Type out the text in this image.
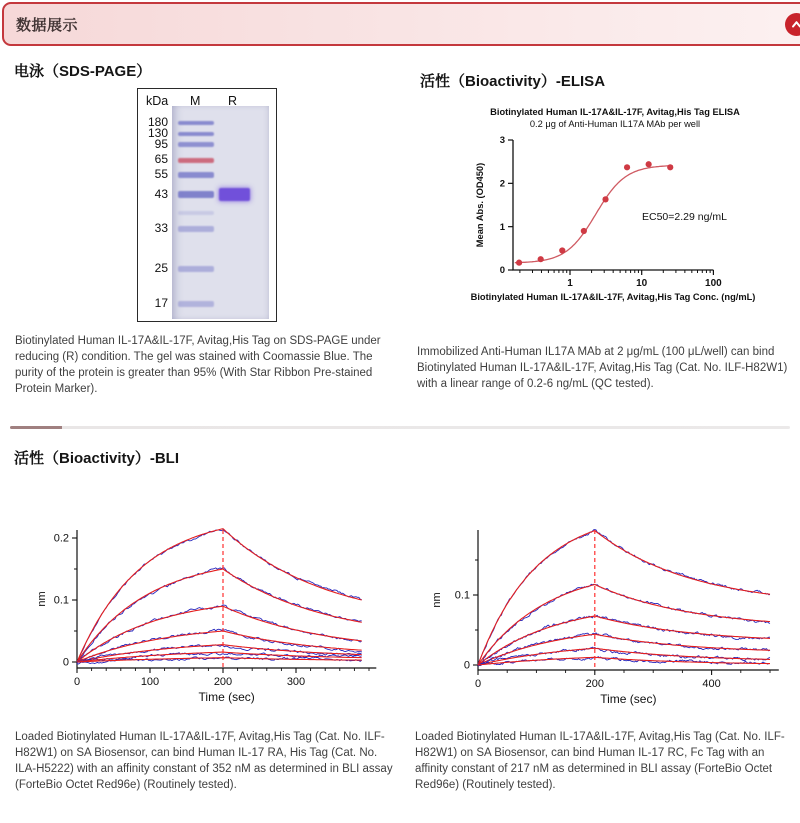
数据展示
电泳（SDS-PAGE）
kDa M R
180
130
95
65
55
43
33
25
17

Biotinylated Human IL-17A&IL-17F, Avitag,His Tag on SDS-PAGE under reducing (R) condition. The gel was stained with Coomassie Blue. The purity of the protein is greater than 95% (With Star Ribbon Pre-stained Protein Marker).

活性（Bioactivity）-ELISA
Biotinylated Human IL-17A&IL-17F, Avitag,His Tag ELISA
0.2 μg of Anti-Human IL17A MAb per well
0
1
2
3
1	10	100
Biotinylated Human IL-17A&IL-17F, Avitag,His Tag Conc. (ng/mL)
Mean Abs. (OD450)	EC50=2.29 ng/mL

Immobilized Anti-Human IL17A MAb at 2 μg/mL (100 μL/well) can bind Biotinylated Human IL-17A&IL-17F, Avitag,His Tag (Cat. No. ILF-H82W1) with a linear range of 0.2-6 ng/mL (QC tested).

活性（Bioactivity）-BLI
0
0.1
0.2
0	100	200	300
Time (sec)
nm
0
0.1
0	200	400
Time (sec)
nm

Loaded Biotinylated Human IL-17A&IL-17F, Avitag,His Tag (Cat. No. ILF-H82W1) on SA Biosensor, can bind Human IL-17 RA, His Tag (Cat. No. ILA-H5222) with an affinity constant of 352 nM as determined in BLI assay (ForteBio Octet Red96e) (Routinely tested).

Loaded Biotinylated Human IL-17A&IL-17F, Avitag,His Tag (Cat. No. ILF-H82W1) on SA Biosensor, can bind Human IL-17 RC, Fc Tag with an affinity constant of 217 nM as determined in BLI assay (ForteBio Octet Red96e) (Routinely tested).
